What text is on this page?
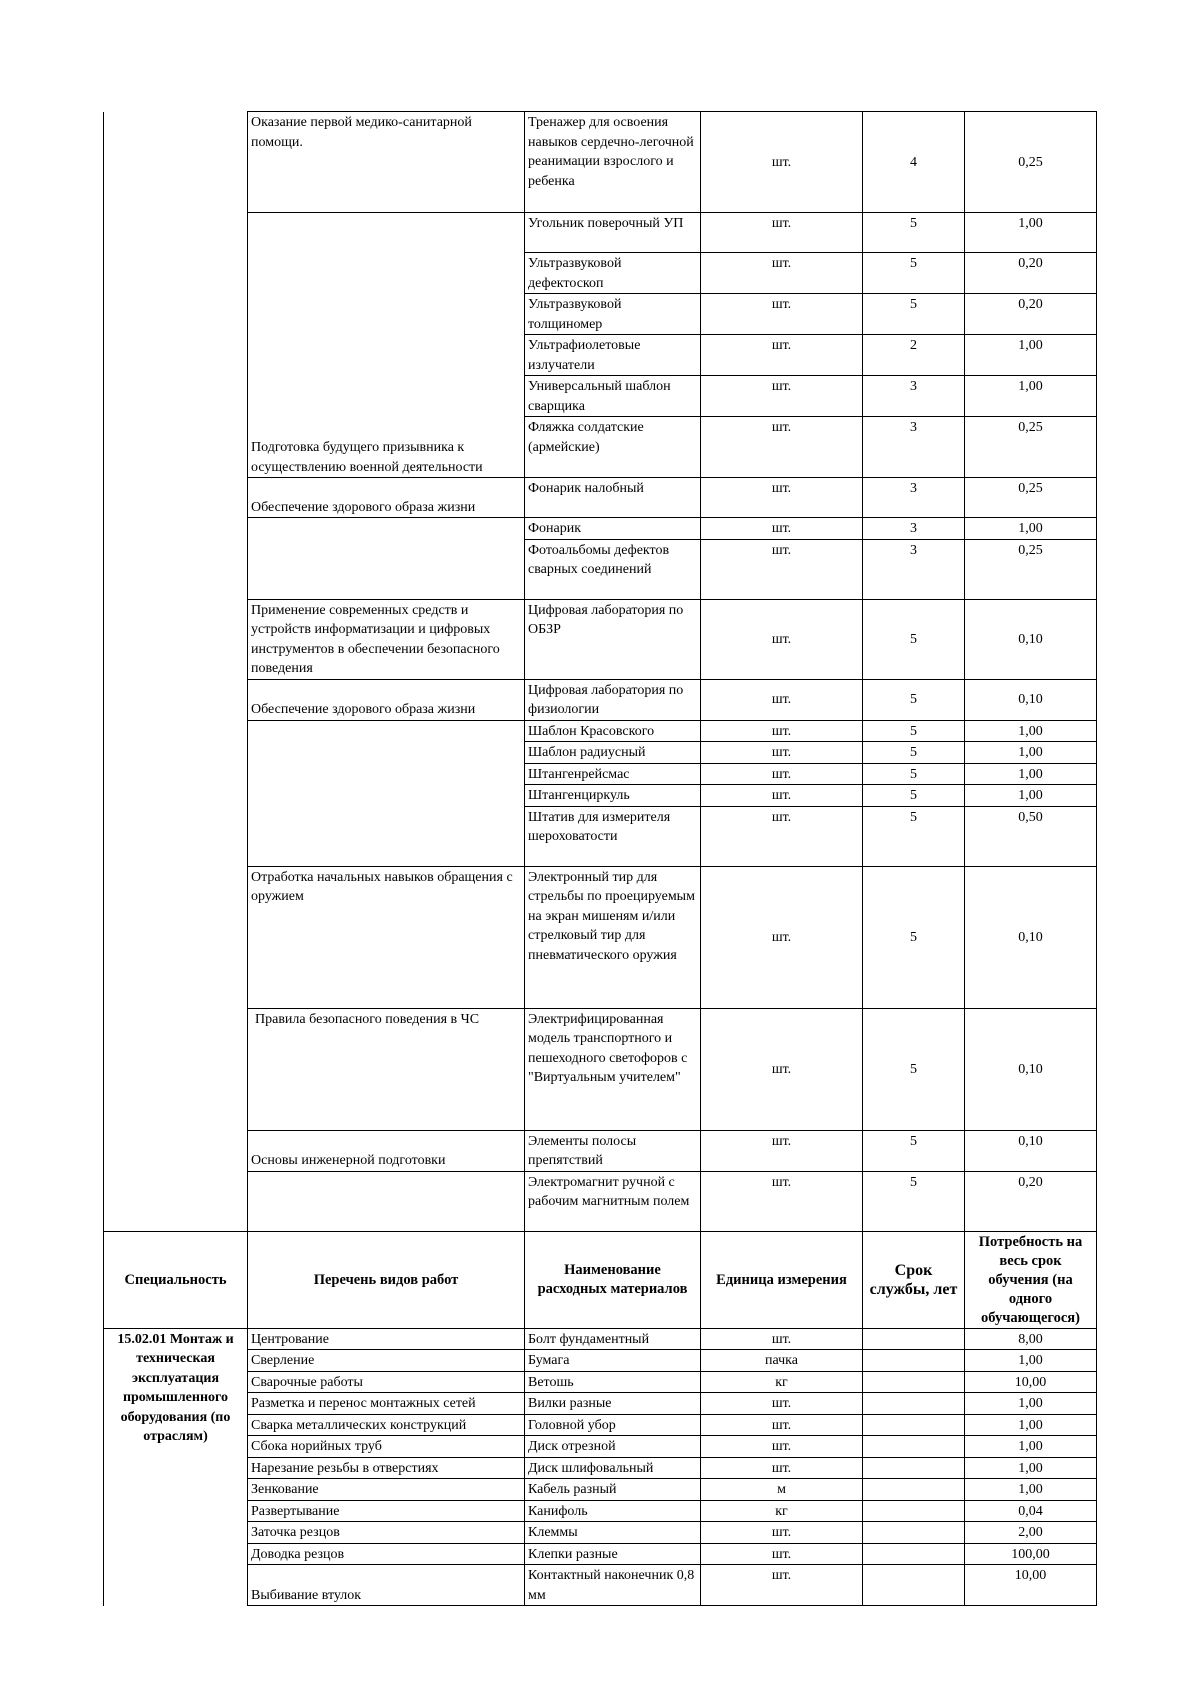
	Оказание первой медико-санитарной помощи.	Тренажер для освоения навыков сердечно-легочной реанимации взрослого и ребенка	шт.	4	0,25
	Подготовка будущего призывника к осуществлению военной деятельности	Угольник поверочный УП	шт.	5	1,00
		Ультразвуковой дефектоскоп	шт.	5	0,20
		Ультразвуковой толщиномер	шт.	5	0,20
		Ультрафиолетовые излучатели	шт.	2	1,00
		Универсальный шаблон сварщика	шт.	3	1,00
		Фляжка солдатские (армейские)	шт.	3	0,25
	Обеспечение здорового образа жизни	Фонарик налобный	шт.	3	0,25
		Фонарик	шт.	3	1,00
		Фотоальбомы дефектов сварных соединений	шт.	3	0,25
	Применение современных средств и устройств информатизации и цифровых инструментов в обеспечении безопасного поведения	Цифровая лаборатория по ОБЗР	шт.	5	0,10
	Обеспечение здорового образа жизни	Цифровая лаборатория по физиологии	шт.	5	0,10
		Шаблон Красовского	шт.	5	1,00
		Шаблон радиусный	шт.	5	1,00
		Штангенрейсмас	шт.	5	1,00
		Штангенциркуль	шт.	5	1,00
		Штатив для измерителя шероховатости	шт.	5	0,50
	Отработка начальных навыков обращения с оружием	Электронный тир для стрельбы по проецируемым на экран мишеням и/или стрелковый тир для пневматического оружия	шт.	5	0,10
	Правила безопасного поведения в ЧС	Электрифицированная модель транспортного и пешеходного светофоров с "Виртуальным учителем"	шт.	5	0,10
	Основы инженерной подготовки	Элементы полосы препятствий	шт.	5	0,10
		Электромагнит ручной с рабочим магнитным полем	шт.	5	0,20
Специальность	Перечень видов работ	Наименование расходных материалов	Единица измерения	Срок службы, лет	Потребность на весь срок обучения (на одного обучающегося)
15.02.01 Монтаж и техническая эксплуатация промышленного оборудования (по отраслям)	Центрование	Болт фундаментный	шт.		8,00
	Сверление	Бумага	пачка		1,00
	Сварочные работы	Ветошь	кг		10,00
	Разметка и перенос монтажных сетей	Вилки разные	шт.		1,00
	Сварка металлических конструкций	Головной убор	шт.		1,00
	Сбока норийных труб	Диск отрезной	шт.		1,00
	Нарезание резьбы в отверстиях	Диск шлифовальный	шт.		1,00
	Зенкование	Кабель разный	м		1,00
	Развертывание	Канифоль	кг		0,04
	Заточка резцов	Клеммы	шт.		2,00
	Доводка резцов	Клепки разные	шт.		100,00
	Выбивание втулок	Контактный наконечник 0,8 мм	шт.		10,00
